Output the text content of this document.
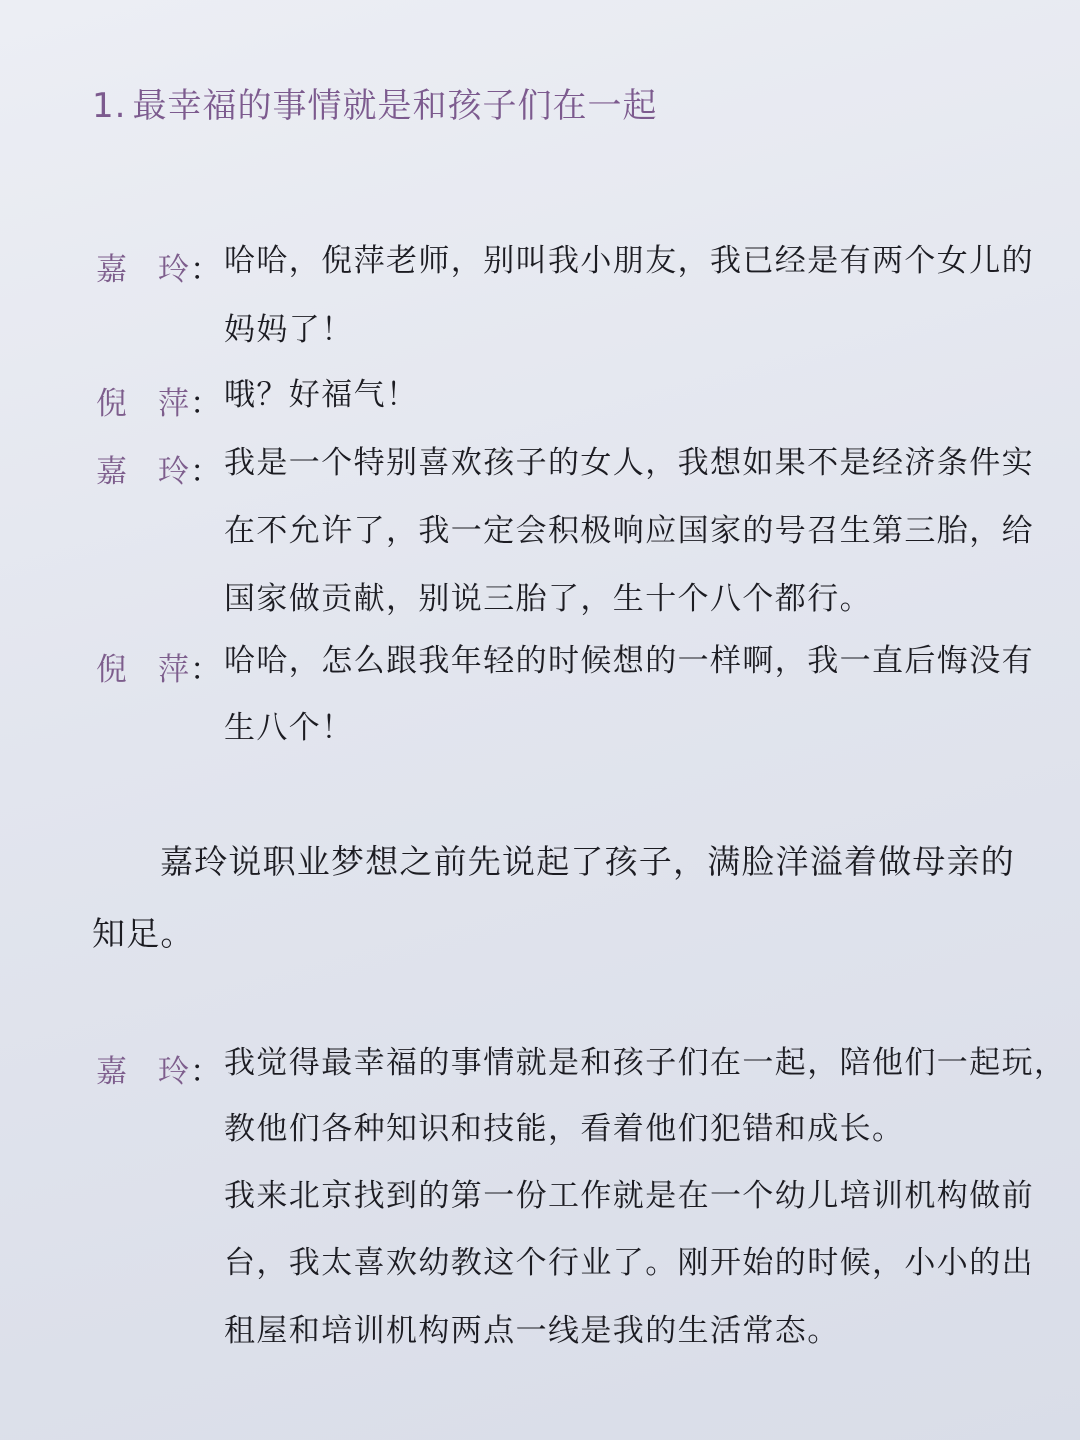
1. 最幸福的事情就是和孩子们在一起
嘉 玲 ： 哈哈，倪萍老师，别叫我小朋友，我已经是有两个女儿的
妈妈了！
倪 萍 ： 哦？好福气！
嘉 玲 ： 我是一个特别喜欢孩子的女人，我想如果不是经济条件实
在不允许了，我一定会积极响应国家的号召生第三胎，给
国家做贡献，别说三胎了，生十个八个都行。
倪 萍 ： 哈哈，怎么跟我年轻的时候想的一样啊，我一直后悔没有
生八个！
嘉玲说职业梦想之前先说起了孩子，满脸洋溢着做母亲的
知足。
嘉 玲 ： 我觉得最幸福的事情就是和孩子们在一起，陪他们一起玩，
教他们各种知识和技能，看着他们犯错和成长。
我来北京找到的第一份工作就是在一个幼儿培训机构做前
台，我太喜欢幼教这个行业了。刚开始的时候，小小的出
租屋和培训机构两点一线是我的生活常态。
